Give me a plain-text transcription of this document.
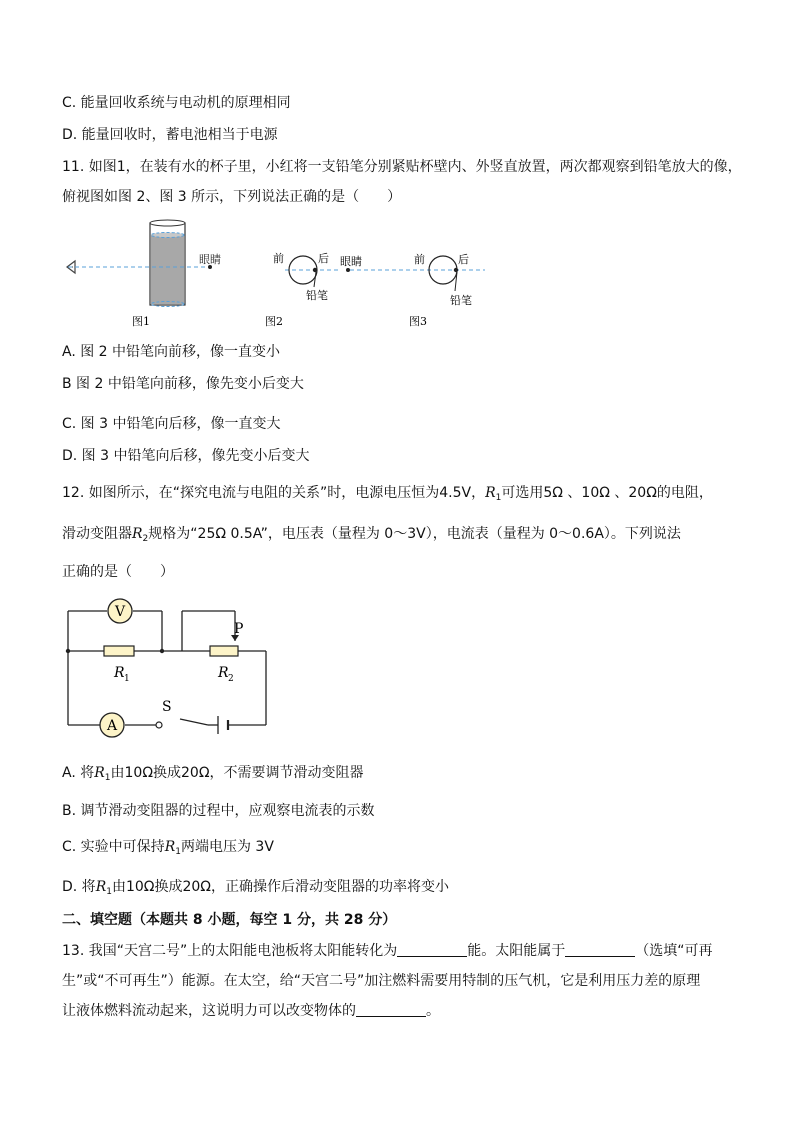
C. 能量回收系统与电动机的原理相同
D. 能量回收时，蓄电池相当于电源
11. 如图1，在装有水的杯子里，小红将一支铅笔分别紧贴杯壁内、外竖直放置，两次都观察到铅笔放大的像，
俯视图如图 2、图 3 所示，下列说法正确的是（　　）
眼睛	前	后
铅笔
眼睛	前	后
铅笔
图1	图2	图3
A. 图 2 中铅笔向前移，像一直变小
B 图 2 中铅笔向前移，像先变小后变大
C. 图 3 中铅笔向后移，像一直变大
D. 图 3 中铅笔向后移，像先变小后变大
12. 如图所示，在“探究电流与电阻的关系”时，电源电压恒为4.5V，$R_1$可选用5Ω 、10Ω 、20Ω的电阻，
滑动变阻器$R_2$规格为“25Ω 0.5A”，电压表（量程为 0～3V），电流表（量程为 0～0.6A）。下列说法
正确的是（　　）
V
A
P
S
R 1	R 2
A. 将$R_1$由10Ω换成20Ω，不需要调节滑动变阻器
B. 调节滑动变阻器的过程中，应观察电流表的示数
C. 实验中可保持$R_1$两端电压为 3V
D. 将$R_1$由10Ω换成20Ω，正确操作后滑动变阻器的功率将变小
二、填空题（本题共 8 小题，每空 1 分，共 28 分）
13. 我国“天宫二号”上的太阳能电池板将太阳能转化为	能。太阳能属于	（选填“可再
生”或“不可再生”）能源。在太空，给“天宫二号”加注燃料需要用特制的压气机，它是利用压力差的原理
让液体燃料流动起来，这说明力可以改变物体的	。
